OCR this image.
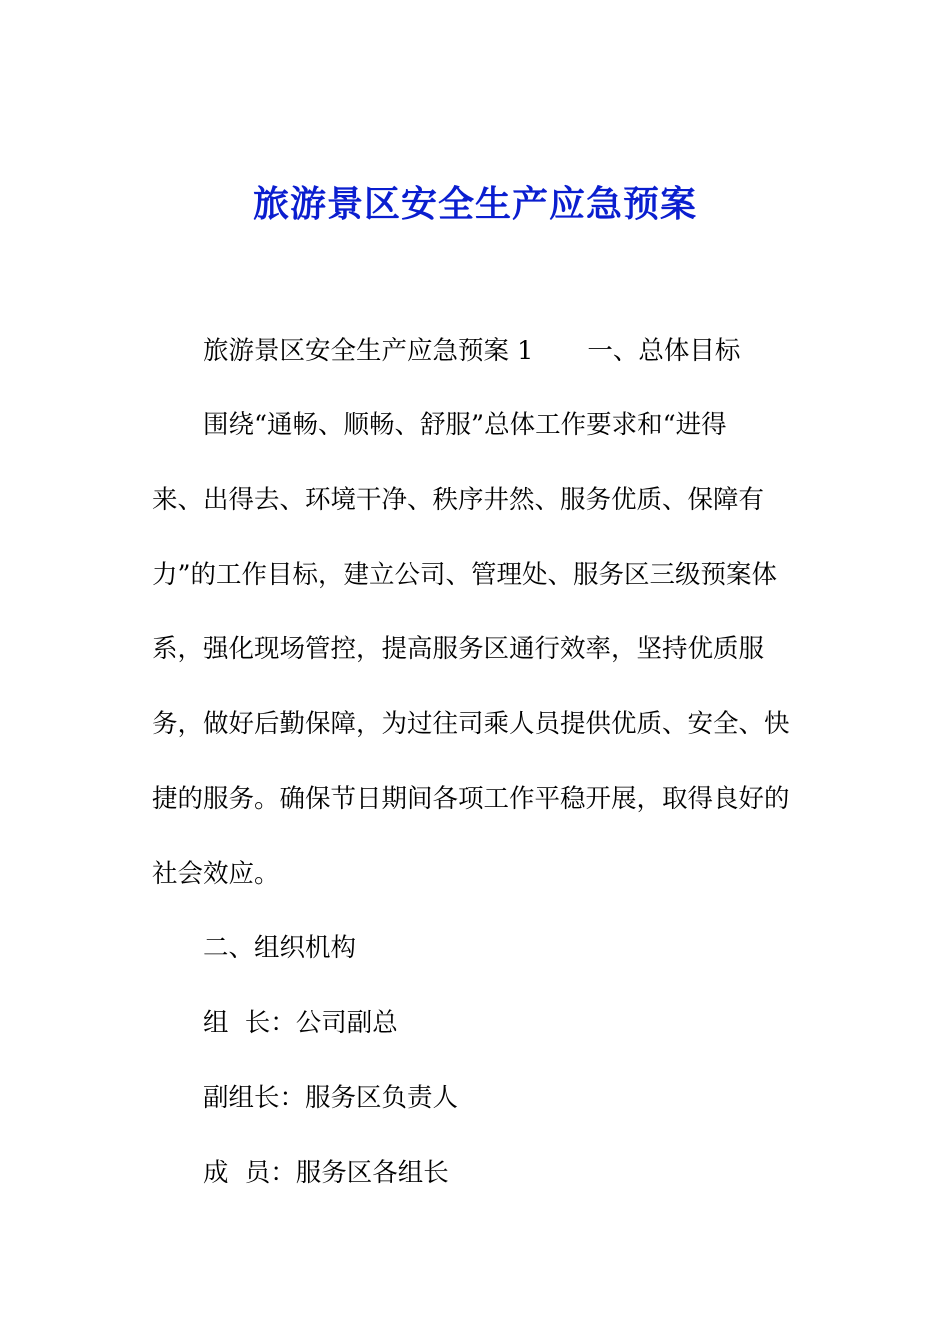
旅游景区安全生产应急预案
旅游景区安全生产应急预案 1 一、总体目标
围绕“通畅、顺畅、舒服”总体工作要求和“进得
来、出得去、环境干净、秩序井然、服务优质、保障有
力”的工作目标，建立公司、管理处、服务区三级预案体
系，强化现场管控，提高服务区通行效率，坚持优质服
务，做好后勤保障，为过往司乘人员提供优质、安全、快
捷的服务。确保节日期间各项工作平稳开展，取得良好的
社会效应。
二、组织机构
组  长：公司副总
副组长：服务区负责人
成  员：服务区各组长
